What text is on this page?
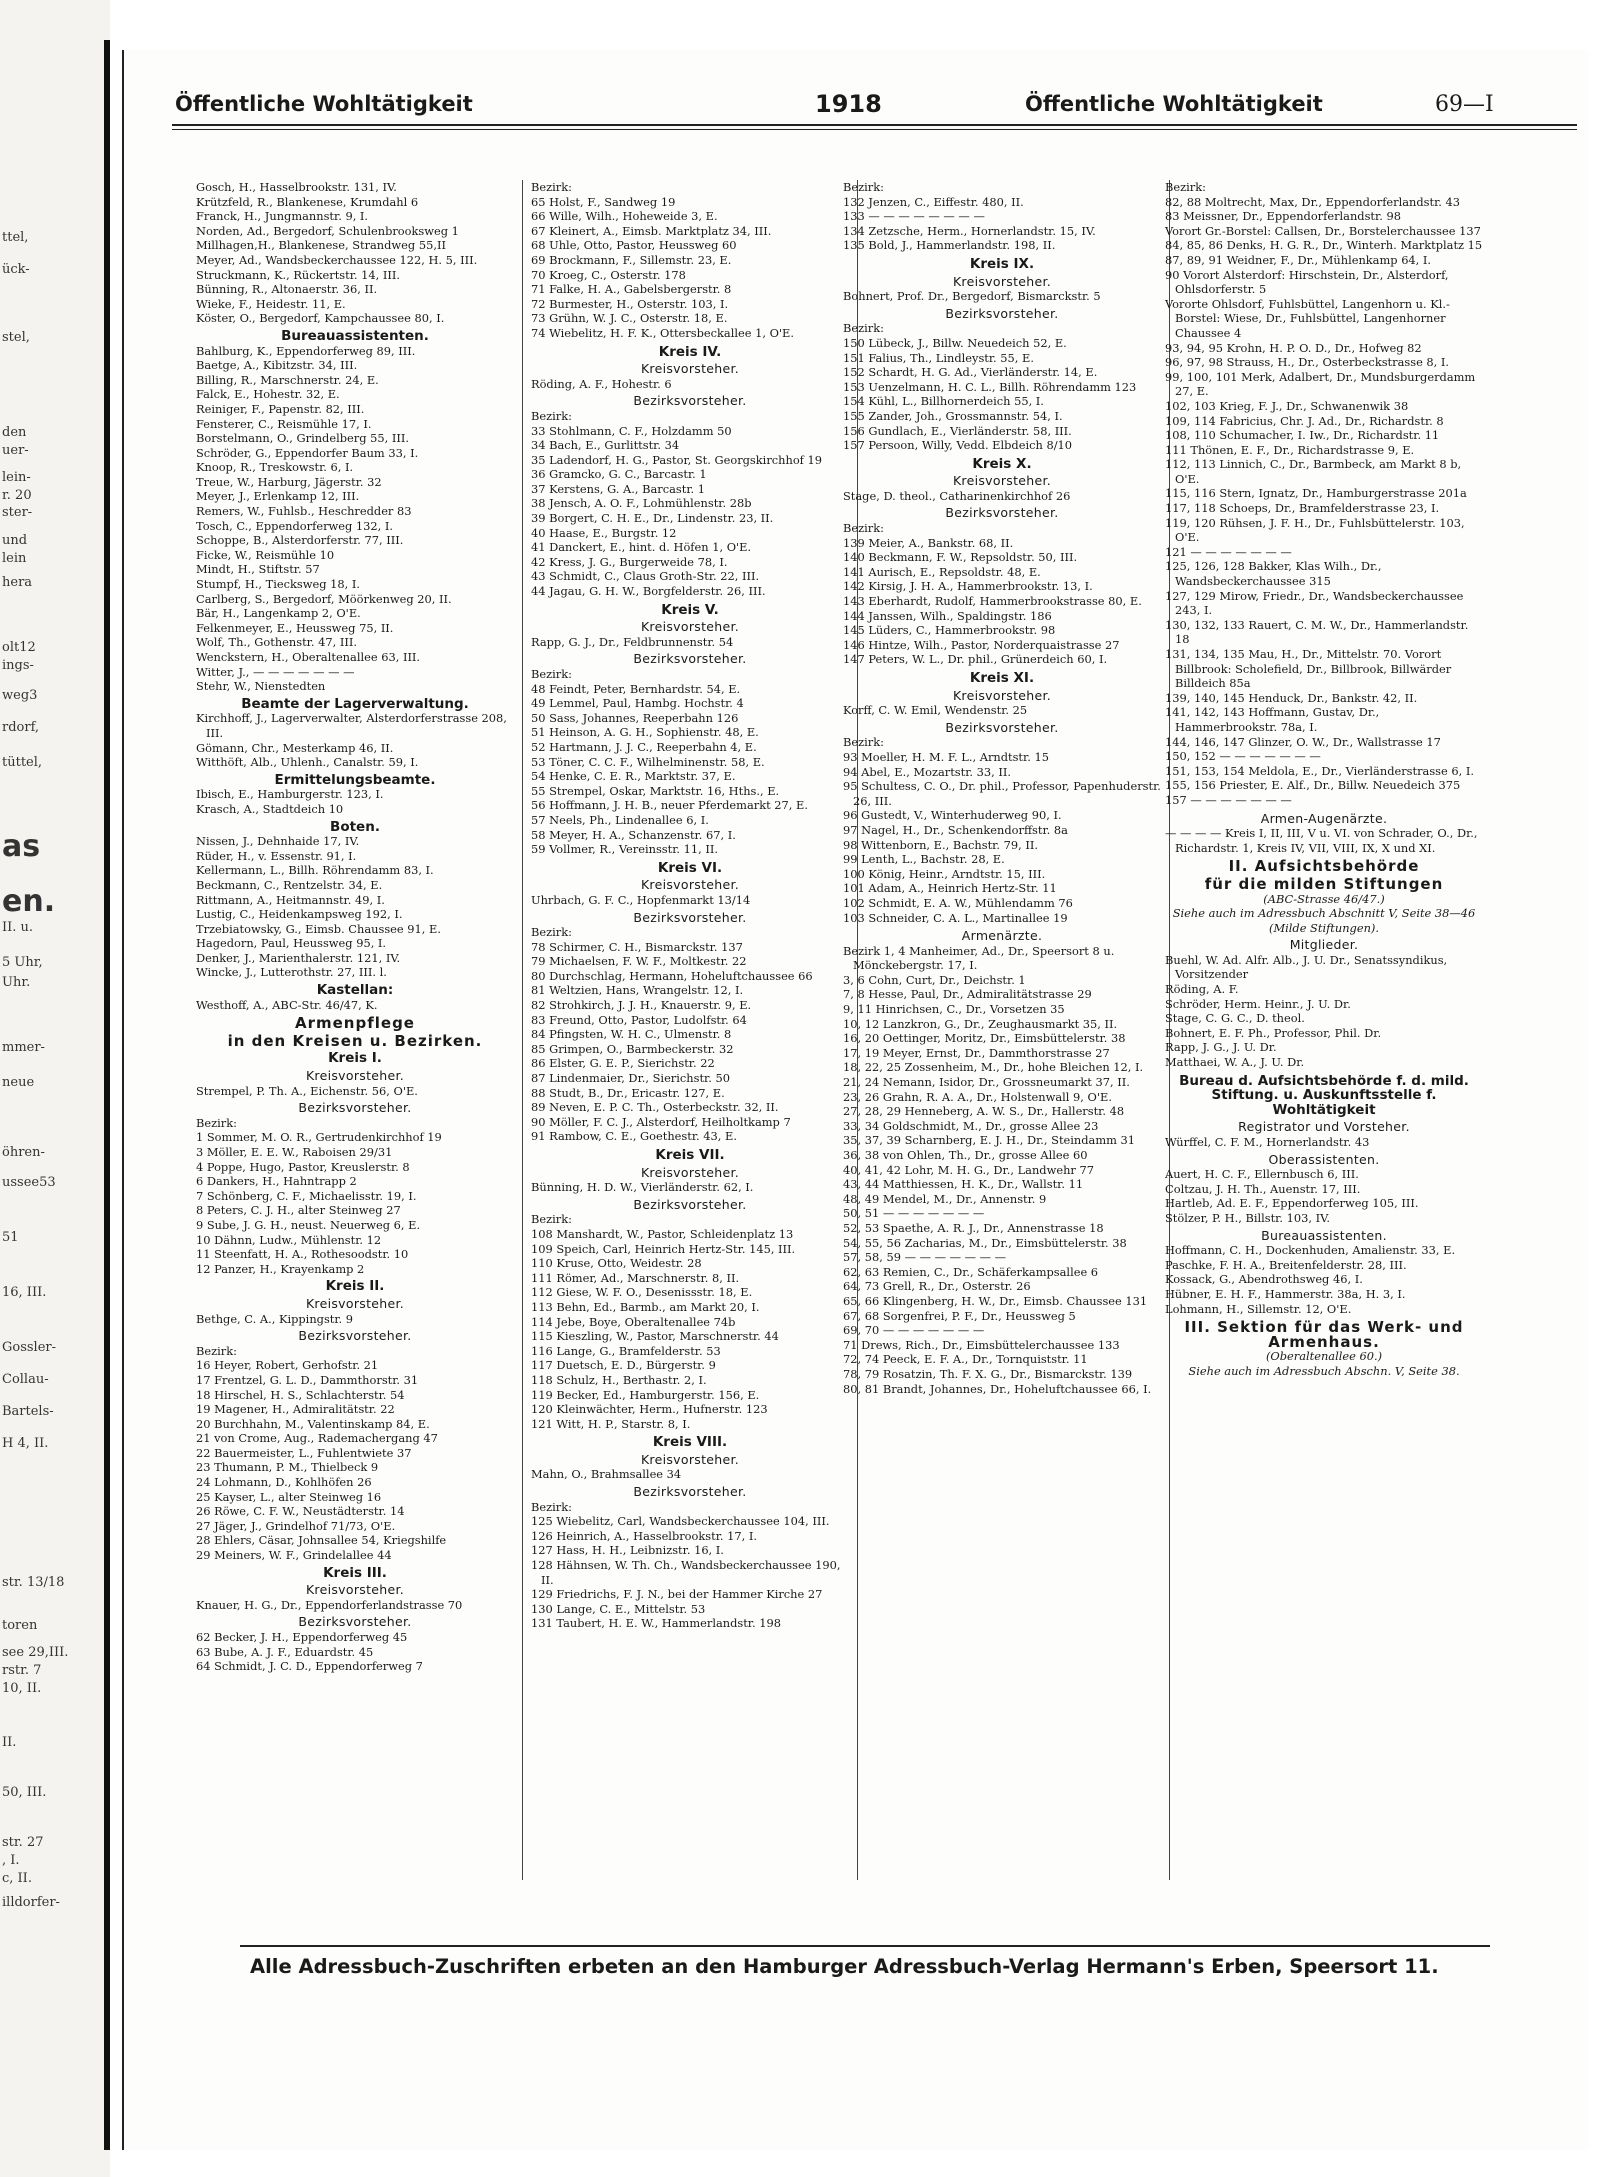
ttel,
ück-
stel,
den
uer-
lein-
r. 20
ster-
und
lein
hera
olt12
ings-
weg3
rdorf,
tüttel,
as
en.
II. u.
5 Uhr,
Uhr.
mmer-
neue
öhren-
ussee53
51
16, III.
Gossler-
Collau-
Bartels-
H 4, II.
str. 13/18
toren
see 29,III.
rstr. 7
10, II.
II.
50, III.
str. 27
, I.
c, II.
illdorfer-
Öffentliche Wohltätigkeit	1918	Öffentliche Wohltätigkeit	69—I

Gosch, H., Hasselbrookstr. 131, IV.

Krützfeld, R., Blankenese, Krumdahl 6

Franck, H., Jungmannstr. 9, I.

Norden, Ad., Bergedorf, Schulenbrooksweg 1

Millhagen,H., Blankenese, Strandweg 55,II

Meyer, Ad., Wandsbeckerchaussee 122, H. 5, III.

Struckmann, K., Rückertstr. 14, III.

Bünning, R., Altonaerstr. 36, II.

Wieke, F., Heidestr. 11, E.

Köster, O., Bergedorf, Kampchaussee 80, I.

Bureauassistenten.

Bahlburg, K., Eppendorferweg 89, III.

Baetge, A., Kibitzstr. 34, III.

Billing, R., Marschnerstr. 24, E.

Falck, E., Hohestr. 32, E.

Reiniger, F., Papenstr. 82, III.

Fensterer, C., Reismühle 17, I.

Borstelmann, O., Grindelberg 55, III.

Schröder, G., Eppendorfer Baum 33, I.

Knoop, R., Treskowstr. 6, I.

Treue, W., Harburg, Jägerstr. 32

Meyer, J., Erlenkamp 12, III.

Remers, W., Fuhlsb., Heschredder 83

Tosch, C., Eppendorferweg 132, I.

Schoppe, B., Alsterdorferstr. 77, III.

Ficke, W., Reismühle 10

Mindt, H., Stiftstr. 57

Stumpf, H., Tiecksweg 18, I.

Carlberg, S., Bergedorf, Möörkenweg 20, II.

Bär, H., Langenkamp 2, O'E.

Felkenmeyer, E., Heussweg 75, II.

Wolf, Th., Gothenstr. 47, III.

Wenckstern, H., Oberaltenallee 63, III.

Witter, J., — — — — — — —

Stehr, W., Nienstedten

Beamte der Lagerverwaltung.

Kirchhoff, J., Lagerverwalter, Alsterdorferstrasse 208, III.

Gömann, Chr., Mesterkamp 46, II.

Witthöft, Alb., Uhlenh., Canalstr. 59, I.

Ermittelungsbeamte.

Ibisch, E., Hamburgerstr. 123, I.

Krasch, A., Stadtdeich 10

Boten.

Nissen, J., Dehnhaide 17, IV.

Rüder, H., v. Essenstr. 91, I.

Kellermann, L., Billh. Röhrendamm 83, I.

Beckmann, C., Rentzelstr. 34, E.

Rittmann, A., Heitmannstr. 49, I.

Lustig, C., Heidenkampsweg 192, I.

Trzebiatowsky, G., Eimsb. Chaussee 91, E.

Hagedorn, Paul, Heussweg 95, I.

Denker, J., Marienthalerstr. 121, IV.

Wincke, J., Lutterothstr. 27, III. l.

Kastellan:

Westhoff, A., ABC-Str. 46/47, K.

Armenpflege

in den Kreisen u. Bezirken.

Kreis I.

Kreisvorsteher.

Strempel, P. Th. A., Eichenstr. 56, O'E.

Bezirksvorsteher.

Bezirk:

1 Sommer, M. O. R., Gertrudenkirchhof 19

3 Möller, E. E. W., Raboisen 29/31

4 Poppe, Hugo, Pastor, Kreuslerstr. 8

6 Dankers, H., Hahntrapp 2

7 Schönberg, C. F., Michaelisstr. 19, I.

8 Peters, C. J. H., alter Steinweg 27

9 Sube, J. G. H., neust. Neuerweg 6, E.

10 Dähnn, Ludw., Mühlenstr. 12

11 Steenfatt, H. A., Rothesoodstr. 10

12 Panzer, H., Krayenkamp 2

Kreis II.

Kreisvorsteher.

Bethge, C. A., Kippingstr. 9

Bezirksvorsteher.

Bezirk:

16 Heyer, Robert, Gerhofstr. 21

17 Frentzel, G. L. D., Dammthorstr. 31

18 Hirschel, H. S., Schlachterstr. 54

19 Magener, H., Admiralitätstr. 22

20 Burchhahn, M., Valentinskamp 84, E.

21 von Crome, Aug., Rademachergang 47

22 Bauermeister, L., Fuhlentwiete 37

23 Thumann, P. M., Thielbeck 9

24 Lohmann, D., Kohlhöfen 26

25 Kayser, L., alter Steinweg 16

26 Röwe, C. F. W., Neustädterstr. 14

27 Jäger, J., Grindelhof 71/73, O'E.

28 Ehlers, Cäsar, Johnsallee 54, Kriegshilfe

29 Meiners, W. F., Grindelallee 44

Kreis III.

Kreisvorsteher.

Knauer, H. G., Dr., Eppendorferlandstrasse 70

Bezirksvorsteher.

62 Becker, J. H., Eppendorferweg 45

63 Bube, A. J. F., Eduardstr. 45

64 Schmidt, J. C. D., Eppendorferweg 7

Bezirk:

65 Holst, F., Sandweg 19

66 Wille, Wilh., Hoheweide 3, E.

67 Kleinert, A., Eimsb. Marktplatz 34, III.

68 Uhle, Otto, Pastor, Heussweg 60

69 Brockmann, F., Sillemstr. 23, E.

70 Kroeg, C., Osterstr. 178

71 Falke, H. A., Gabelsbergerstr. 8

72 Burmester, H., Osterstr. 103, I.

73 Grühn, W. J. C., Osterstr. 18, E.

74 Wiebelitz, H. F. K., Ottersbeckallee 1, O'E.

Kreis IV.

Kreisvorsteher.

Röding, A. F., Hohestr. 6

Bezirksvorsteher.

Bezirk:

33 Stohlmann, C. F., Holzdamm 50

34 Bach, E., Gurlittstr. 34

35 Ladendorf, H. G., Pastor, St. Georgskirchhof 19

36 Gramcko, G. C., Barcastr. 1

37 Kerstens, G. A., Barcastr. 1

38 Jensch, A. O. F., Lohmühlenstr. 28b

39 Borgert, C. H. E., Dr., Lindenstr. 23, II.

40 Haase, E., Burgstr. 12

41 Danckert, E., hint. d. Höfen 1, O'E.

42 Kress, J. G., Burgerweide 78, I.

43 Schmidt, C., Claus Groth-Str. 22, III.

44 Jagau, G. H. W., Borgfelderstr. 26, III.

Kreis V.

Kreisvorsteher.

Rapp, G. J., Dr., Feldbrunnenstr. 54

Bezirksvorsteher.

Bezirk:

48 Feindt, Peter, Bernhardstr. 54, E.

49 Lemmel, Paul, Hambg. Hochstr. 4

50 Sass, Johannes, Reeperbahn 126

51 Heinson, A. G. H., Sophienstr. 48, E.

52 Hartmann, J. J. C., Reeperbahn 4, E.

53 Töner, C. C. F., Wilhelminenstr. 58, E.

54 Henke, C. E. R., Marktstr. 37, E.

55 Strempel, Oskar, Marktstr. 16, Hths., E.

56 Hoffmann, J. H. B., neuer Pferdemarkt 27, E.

57 Neels, Ph., Lindenallee 6, I.

58 Meyer, H. A., Schanzenstr. 67, I.

59 Vollmer, R., Vereinsstr. 11, II.

Kreis VI.

Kreisvorsteher.

Uhrbach, G. F. C., Hopfenmarkt 13/14

Bezirksvorsteher.

Bezirk:

78 Schirmer, C. H., Bismarckstr. 137

79 Michaelsen, F. W. F., Moltkestr. 22

80 Durchschlag, Hermann, Hoheluftchaussee 66

81 Weltzien, Hans, Wrangelstr. 12, I.

82 Strohkirch, J. J. H., Knauerstr. 9, E.

83 Freund, Otto, Pastor, Ludolfstr. 64

84 Pfingsten, W. H. C., Ulmenstr. 8

85 Grimpen, O., Barmbeckerstr. 32

86 Elster, G. E. P., Sierichstr. 22

87 Lindenmaier, Dr., Sierichstr. 50

88 Studt, B., Dr., Ericastr. 127, E.

89 Neven, E. P. C. Th., Osterbeckstr. 32, II.

90 Möller, F. C. J., Alsterdorf, Heilholtkamp 7

91 Rambow, C. E., Goethestr. 43, E.

Kreis VII.

Kreisvorsteher.

Bünning, H. D. W., Vierländerstr. 62, I.

Bezirksvorsteher.

Bezirk:

108 Manshardt, W., Pastor, Schleidenplatz 13

109 Speich, Carl, Heinrich Hertz-Str. 145, III.

110 Kruse, Otto, Weidestr. 28

111 Römer, Ad., Marschnerstr. 8, II.

112 Giese, W. F. O., Desenissstr. 18, E.

113 Behn, Ed., Barmb., am Markt 20, I.

114 Jebe, Boye, Oberaltenallee 74b

115 Kieszling, W., Pastor, Marschnerstr. 44

116 Lange, G., Bramfelderstr. 53

117 Duetsch, E. D., Bürgerstr. 9

118 Schulz, H., Berthastr. 2, I.

119 Becker, Ed., Hamburgerstr. 156, E.

120 Kleinwächter, Herm., Hufnerstr. 123

121 Witt, H. P., Starstr. 8, I.

Kreis VIII.

Kreisvorsteher.

Mahn, O., Brahmsallee 34

Bezirksvorsteher.

Bezirk:

125 Wiebelitz, Carl, Wandsbeckerchaussee 104, III.

126 Heinrich, A., Hasselbrookstr. 17, I.

127 Hass, H. H., Leibnizstr. 16, I.

128 Hähnsen, W. Th. Ch., Wandsbeckerchaussee 190, II.

129 Friedrichs, F. J. N., bei der Hammer Kirche 27

130 Lange, C. E., Mittelstr. 53

131 Taubert, H. E. W., Hammerlandstr. 198

Bezirk:

132 Jenzen, C., Eiffestr. 480, II.

133 — — — — — — — —

134 Zetzsche, Herm., Hornerlandstr. 15, IV.

135 Bold, J., Hammerlandstr. 198, II.

Kreis IX.

Kreisvorsteher.

Bohnert, Prof. Dr., Bergedorf, Bismarckstr. 5

Bezirksvorsteher.

Bezirk:

150 Lübeck, J., Billw. Neuedeich 52, E.

151 Falius, Th., Lindleystr. 55, E.

152 Schardt, H. G. Ad., Vierländerstr. 14, E.

153 Uenzelmann, H. C. L., Billh. Röhrendamm 123

154 Kühl, L., Billhornerdeich 55, I.

155 Zander, Joh., Grossmannstr. 54, I.

156 Gundlach, E., Vierländerstr. 58, III.

157 Persoon, Willy, Vedd. Elbdeich 8/10

Kreis X.

Kreisvorsteher.

Stage, D. theol., Catharinenkirchhof 26

Bezirksvorsteher.

Bezirk:

139 Meier, A., Bankstr. 68, II.

140 Beckmann, F. W., Repsoldstr. 50, III.

141 Aurisch, E., Repsoldstr. 48, E.

142 Kirsig, J. H. A., Hammerbrookstr. 13, I.

143 Eberhardt, Rudolf, Hammerbrookstrasse 80, E.

144 Janssen, Wilh., Spaldingstr. 186

145 Lüders, C., Hammerbrookstr. 98

146 Hintze, Wilh., Pastor, Norderquaistrasse 27

147 Peters, W. L., Dr. phil., Grünerdeich 60, I.

Kreis XI.

Kreisvorsteher.

Korff, C. W. Emil, Wendenstr. 25

Bezirksvorsteher.

Bezirk:

93 Moeller, H. M. F. L., Arndtstr. 15

94 Abel, E., Mozartstr. 33, II.

95 Schultess, C. O., Dr. phil., Professor, Papenhuderstr. 26, III.

96 Gustedt, V., Winterhuderweg 90, I.

97 Nagel, H., Dr., Schenkendorffstr. 8a

98 Wittenborn, E., Bachstr. 79, II.

99 Lenth, L., Bachstr. 28, E.

100 König, Heinr., Arndtstr. 15, III.

101 Adam, A., Heinrich Hertz-Str. 11

102 Schmidt, E. A. W., Mühlendamm 76

103 Schneider, C. A. L., Martinallee 19

Armenärzte.

Bezirk 1, 4 Manheimer, Ad., Dr., Speersort 8 u. Mönckebergstr. 17, I.

3, 6 Cohn, Curt, Dr., Deichstr. 1

7, 8 Hesse, Paul, Dr., Admiralitätstrasse 29

9, 11 Hinrichsen, C., Dr., Vorsetzen 35

10, 12 Lanzkron, G., Dr., Zeughausmarkt 35, II.

16, 20 Oettinger, Moritz, Dr., Eimsbüttelerstr. 38

17, 19 Meyer, Ernst, Dr., Dammthorstrasse 27

18, 22, 25 Zossenheim, M., Dr., hohe Bleichen 12, I.

21, 24 Nemann, Isidor, Dr., Grossneumarkt 37, II.

23, 26 Grahn, R. A. A., Dr., Holstenwall 9, O'E.

27, 28, 29 Henneberg, A. W. S., Dr., Hallerstr. 48

33, 34 Goldschmidt, M., Dr., grosse Allee 23

35, 37, 39 Scharnberg, E. J. H., Dr., Steindamm 31

36, 38 von Ohlen, Th., Dr., grosse Allee 60

40, 41, 42 Lohr, M. H. G., Dr., Landwehr 77

43, 44 Matthiessen, H. K., Dr., Wallstr. 11

48, 49 Mendel, M., Dr., Annenstr. 9

50, 51 — — — — — — —

52, 53 Spaethe, A. R. J., Dr., Annenstrasse 18

54, 55, 56 Zacharias, M., Dr., Eimsbüttelerstr. 38

57, 58, 59 — — — — — — —

62, 63 Remien, C., Dr., Schäferkampsallee 6

64, 73 Grell, R., Dr., Osterstr. 26

65, 66 Klingenberg, H. W., Dr., Eimsb. Chaussee 131

67, 68 Sorgenfrei, P. F., Dr., Heussweg 5

69, 70 — — — — — — —

71 Drews, Rich., Dr., Eimsbüttelerchaussee 133

72, 74 Peeck, E. F. A., Dr., Tornquiststr. 11

78, 79 Rosatzin, Th. F. X. G., Dr., Bismarckstr. 139

80, 81 Brandt, Johannes, Dr., Hoheluftchaussee 66, I.

Bezirk:

82, 88 Moltrecht, Max, Dr., Eppendorferlandstr. 43

83 Meissner, Dr., Eppendorferlandstr. 98

Vorort Gr.-Borstel: Callsen, Dr., Borstelerchaussee 137

84, 85, 86 Denks, H. G. R., Dr., Winterh. Marktplatz 15

87, 89, 91 Weidner, F., Dr., Mühlenkamp 64, I.

90 Vorort Alsterdorf: Hirschstein, Dr., Alsterdorf, Ohlsdorferstr. 5

Vororte Ohlsdorf, Fuhlsbüttel, Langenhorn u. Kl.-Borstel: Wiese, Dr., Fuhlsbüttel, Langenhorner Chaussee 4

93, 94, 95 Krohn, H. P. O. D., Dr., Hofweg 82

96, 97, 98 Strauss, H., Dr., Osterbeckstrasse 8, I.

99, 100, 101 Merk, Adalbert, Dr., Mundsburgerdamm 27, E.

102, 103 Krieg, F. J., Dr., Schwanenwik 38

109, 114 Fabricius, Chr. J. Ad., Dr., Richardstr. 8

108, 110 Schumacher, I. Iw., Dr., Richardstr. 11

111 Thönen, E. F., Dr., Richardstrasse 9, E.

112, 113 Linnich, C., Dr., Barmbeck, am Markt 8 b, O'E.

115, 116 Stern, Ignatz, Dr., Hamburgerstrasse 201a

117, 118 Schoeps, Dr., Bramfelderstrasse 23, I.

119, 120 Rühsen, J. F. H., Dr., Fuhlsbüttelerstr. 103, O'E.

121 — — — — — — —

125, 126, 128 Bakker, Klas Wilh., Dr., Wandsbeckerchaussee 315

127, 129 Mirow, Friedr., Dr., Wandsbeckerchaussee 243, I.

130, 132, 133 Rauert, C. M. W., Dr., Hammerlandstr. 18

131, 134, 135 Mau, H., Dr., Mittelstr. 70. Vorort Billbrook: Scholefield, Dr., Billbrook, Billwärder Billdeich 85a

139, 140, 145 Henduck, Dr., Bankstr. 42, II.

141, 142, 143 Hoffmann, Gustav, Dr., Hammerbrookstr. 78a, I.

144, 146, 147 Glinzer, O. W., Dr., Wallstrasse 17

150, 152 — — — — — — —

151, 153, 154 Meldola, E., Dr., Vierländerstrasse 6, I.

155, 156 Priester, E. Alf., Dr., Billw. Neuedeich 375

157 — — — — — — —

Armen-Augenärzte.

— — — — Kreis I, II, III, V u. VI. von Schrader, O., Dr., Richardstr. 1, Kreis IV, VII, VIII, IX, X und XI.

II. Aufsichtsbehörde

für die milden Stiftungen

(ABC-Strasse 46/47.)

Siehe auch im Adressbuch Abschnitt V, Seite 38—46 (Milde Stiftungen).

Mitglieder.

Buehl, W. Ad. Alfr. Alb., J. U. Dr., Senatssyndikus, Vorsitzender

Röding, A. F.

Schröder, Herm. Heinr., J. U. Dr.

Stage, C. G. C., D. theol.

Bohnert, E. F. Ph., Professor, Phil. Dr.

Rapp, J. G., J. U. Dr.

Matthaei, W. A., J. U. Dr.

Bureau d. Aufsichtsbehörde f. d. mild. Stiftung. u. Auskunftsstelle f. Wohltätigkeit

Registrator und Vorsteher.

Würffel, C. F. M., Hornerlandstr. 43

Oberassistenten.

Auert, H. C. F., Ellernbusch 6, III.

Coltzau, J. H. Th., Auenstr. 17, III.

Hartleb, Ad. E. F., Eppendorferweg 105, III.

Stölzer, P. H., Billstr. 103, IV.

Bureauassistenten.

Hoffmann, C. H., Dockenhuden, Amalienstr. 33, E.

Paschke, F. H. A., Breitenfelderstr. 28, III.

Kossack, G., Abendrothsweg 46, I.

Hübner, E. H. F., Hammerstr. 38a, H. 3, I.

Lohmann, H., Sillemstr. 12, O'E.

III. Sektion für das Werk- und Armenhaus.

(Oberaltenallee 60.)

Siehe auch im Adressbuch Abschn. V, Seite 38.

Alle Adressbuch-Zuschriften erbeten an den Hamburger Adressbuch-Verlag Hermann's Erben, Speersort 11.
